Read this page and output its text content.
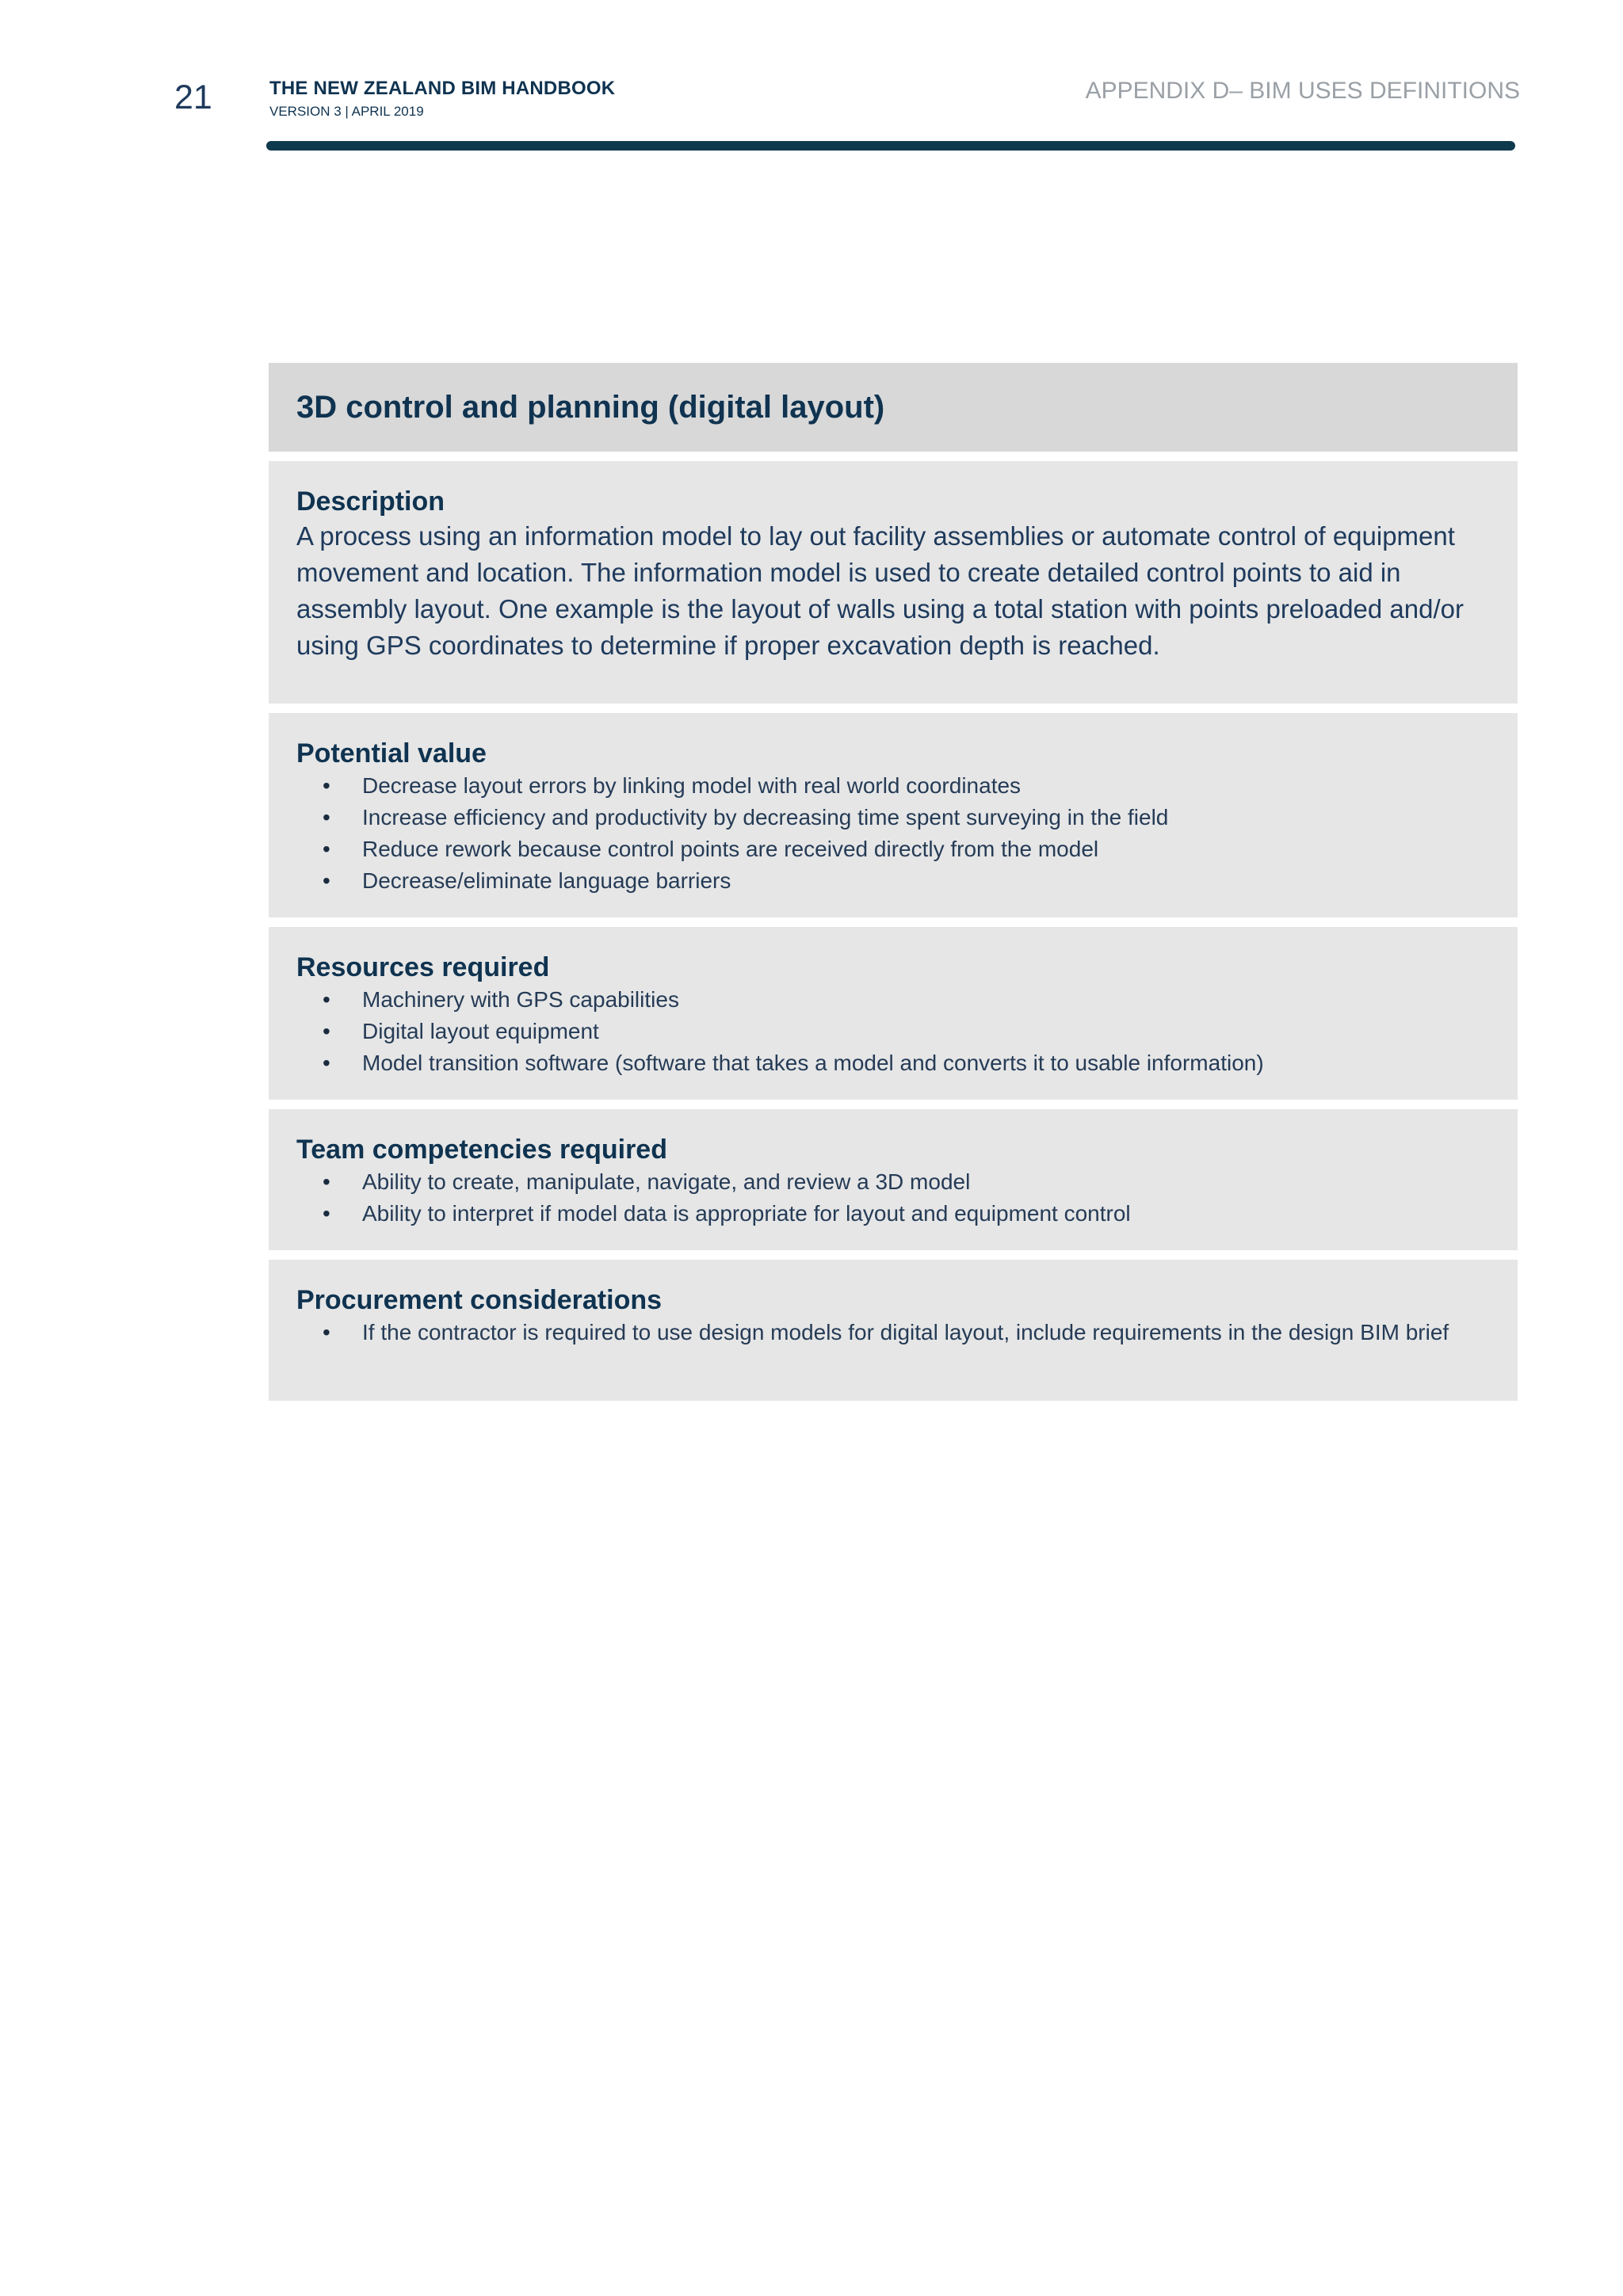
21	THE NEW ZEALAND BIM HANDBOOK
VERSION 3 | APRIL 2019
APPENDIX D– BIM USES DEFINITIONS
3D control and planning (digital layout)
Description

A process using an information model to lay out facility assemblies or automate control of equipment movement and location. The information model is used to create detailed control points to aid in assembly layout. One example is the layout of walls using a total station with points preloaded and/or using GPS coordinates to determine if proper excavation depth is reached.

Potential value
• Decrease layout errors by linking model with real world coordinates
• Increase efficiency and productivity by decreasing time spent surveying in the field
• Reduce rework because control points are received directly from the model
• Decrease/eliminate language barriers
Resources required
• Machinery with GPS capabilities
• Digital layout equipment
• Model transition software (software that takes a model and converts it to usable information)
Team competencies required
• Ability to create, manipulate, navigate, and review a 3D model
• Ability to interpret if model data is appropriate for layout and equipment control
Procurement considerations
• If the contractor is required to use design models for digital layout, include requirements in the design BIM brief
